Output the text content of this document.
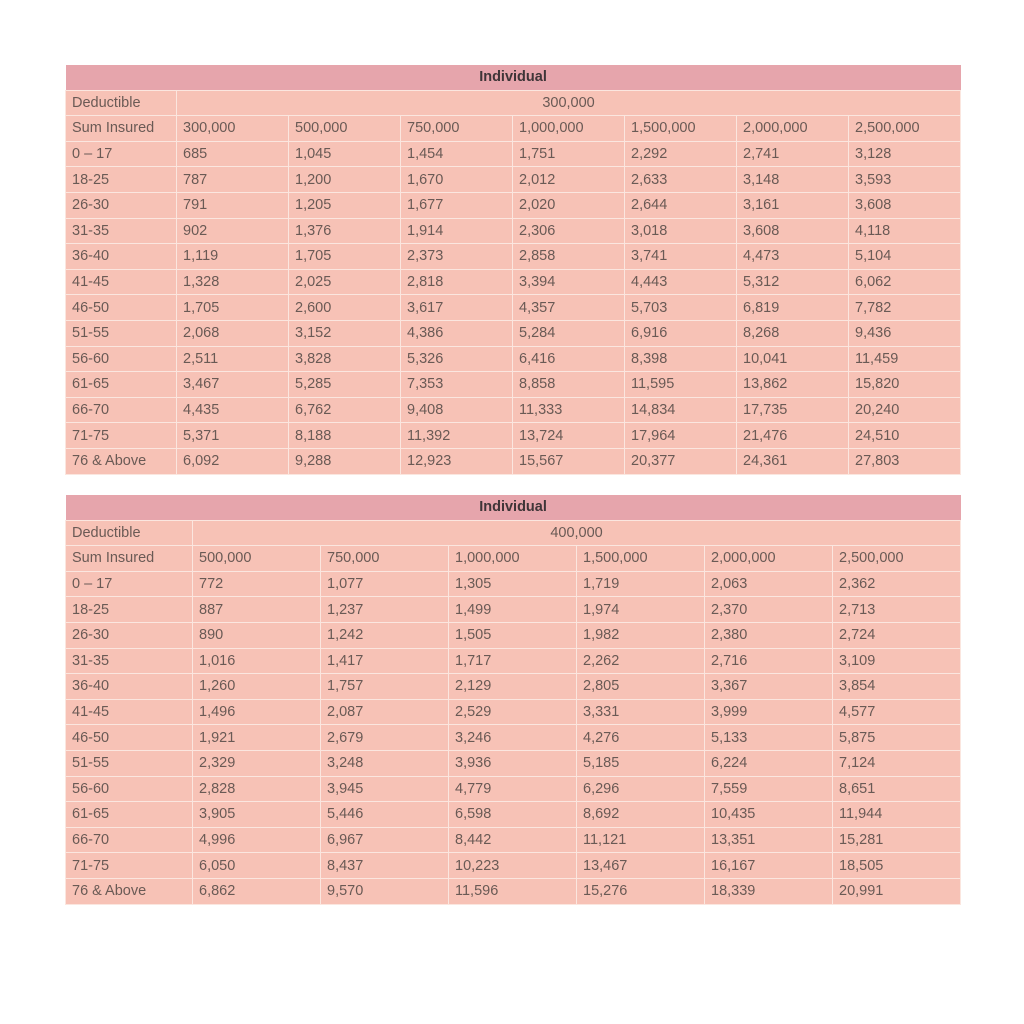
Individual							
Deductible	300,000						
Sum Insured	300,000	500,000	750,000	1,000,000	1,500,000	2,000,000	2,500,000
0 – 17	685	1,045	1,454	1,751	2,292	2,741	3,128
18-25	787	1,200	1,670	2,012	2,633	3,148	3,593
26-30	791	1,205	1,677	2,020	2,644	3,161	3,608
31-35	902	1,376	1,914	2,306	3,018	3,608	4,118
36-40	1,119	1,705	2,373	2,858	3,741	4,473	5,104
41-45	1,328	2,025	2,818	3,394	4,443	5,312	6,062
46-50	1,705	2,600	3,617	4,357	5,703	6,819	7,782
51-55	2,068	3,152	4,386	5,284	6,916	8,268	9,436
56-60	2,511	3,828	5,326	6,416	8,398	10,041	11,459
61-65	3,467	5,285	7,353	8,858	11,595	13,862	15,820
66-70	4,435	6,762	9,408	11,333	14,834	17,735	20,240
71-75	5,371	8,188	11,392	13,724	17,964	21,476	24,510
76 & Above	6,092	9,288	12,923	15,567	20,377	24,361	27,803
Individual						
Deductible	400,000					
Sum Insured	500,000	750,000	1,000,000	1,500,000	2,000,000	2,500,000
0 – 17	772	1,077	1,305	1,719	2,063	2,362
18-25	887	1,237	1,499	1,974	2,370	2,713
26-30	890	1,242	1,505	1,982	2,380	2,724
31-35	1,016	1,417	1,717	2,262	2,716	3,109
36-40	1,260	1,757	2,129	2,805	3,367	3,854
41-45	1,496	2,087	2,529	3,331	3,999	4,577
46-50	1,921	2,679	3,246	4,276	5,133	5,875
51-55	2,329	3,248	3,936	5,185	6,224	7,124
56-60	2,828	3,945	4,779	6,296	7,559	8,651
61-65	3,905	5,446	6,598	8,692	10,435	11,944
66-70	4,996	6,967	8,442	11,121	13,351	15,281
71-75	6,050	8,437	10,223	13,467	16,167	18,505
76 & Above	6,862	9,570	11,596	15,276	18,339	20,991
